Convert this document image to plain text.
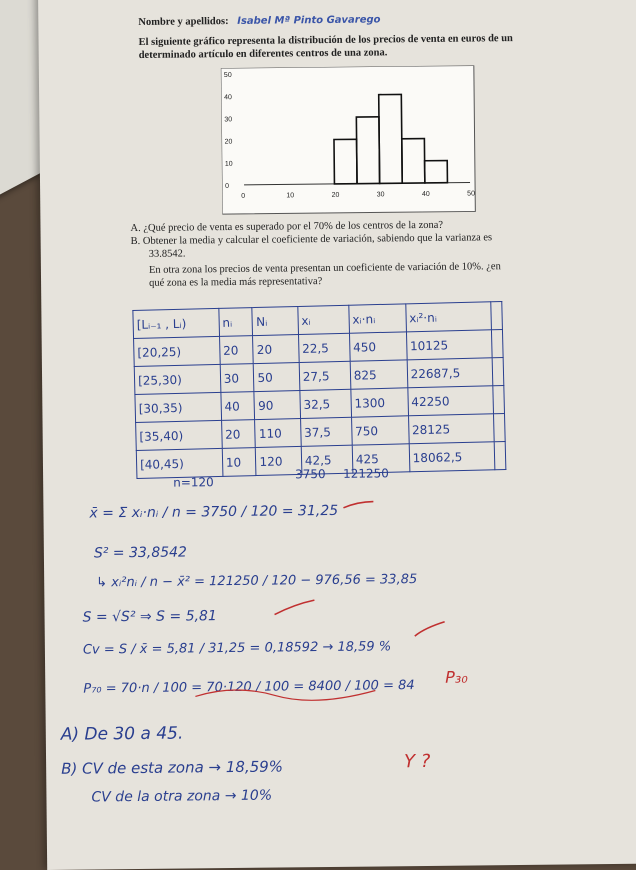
Nombre y apellidos: Isabel Mª Pinto Gavarego
El siguiente gráfico representa la distribución de los precios de venta en euros de un determinado artículo en diferentes centros de una zona.
0
10
20
30
40
50
0	10	20	30	40	50
A. ¿Qué precio de venta es superado por el 70% de los centros de la zona?
B. Obtener la media y calcular el coeficiente de variación, sabiendo que la varianza es
33.8542.
En otra zona los precios de venta presentan un coeficiente de variación de 10%. ¿en
qué zona es la media más representativa?
[Lᵢ₋₁ , Lᵢ)	nᵢ	Nᵢ	xᵢ	xᵢ·nᵢ	xᵢ²·nᵢ	
[20,25)	20	20	22,5	450	10125	
[25,30)	30	50	27,5	825	22687,5	
[30,35)	40	90	32,5	1300	42250	
[35,40)	20	110	37,5	750	28125	
[40,45)	10	120	42,5	425	18062,5	
n=120
3750 121250
x̄ = Σ xᵢ·nᵢ / n = 3750 / 120 = 31,25
S² = 33,8542
↳ xᵢ²nᵢ / n − x̄² = 121250 / 120 − 976,56 = 33,85
S = √S² ⇒ S = 5,81
Cv = S / x̄ = 5,81 / 31,25 = 0,18592 → 18,59 %
P₇₀ = 70·n / 100 = 70·120 / 100 = 8400 / 100 = 84
P₃₀
A) De 30 a 45.
B) CV de esta zona → 18,59%
CV de la otra zona → 10%
Y ?
